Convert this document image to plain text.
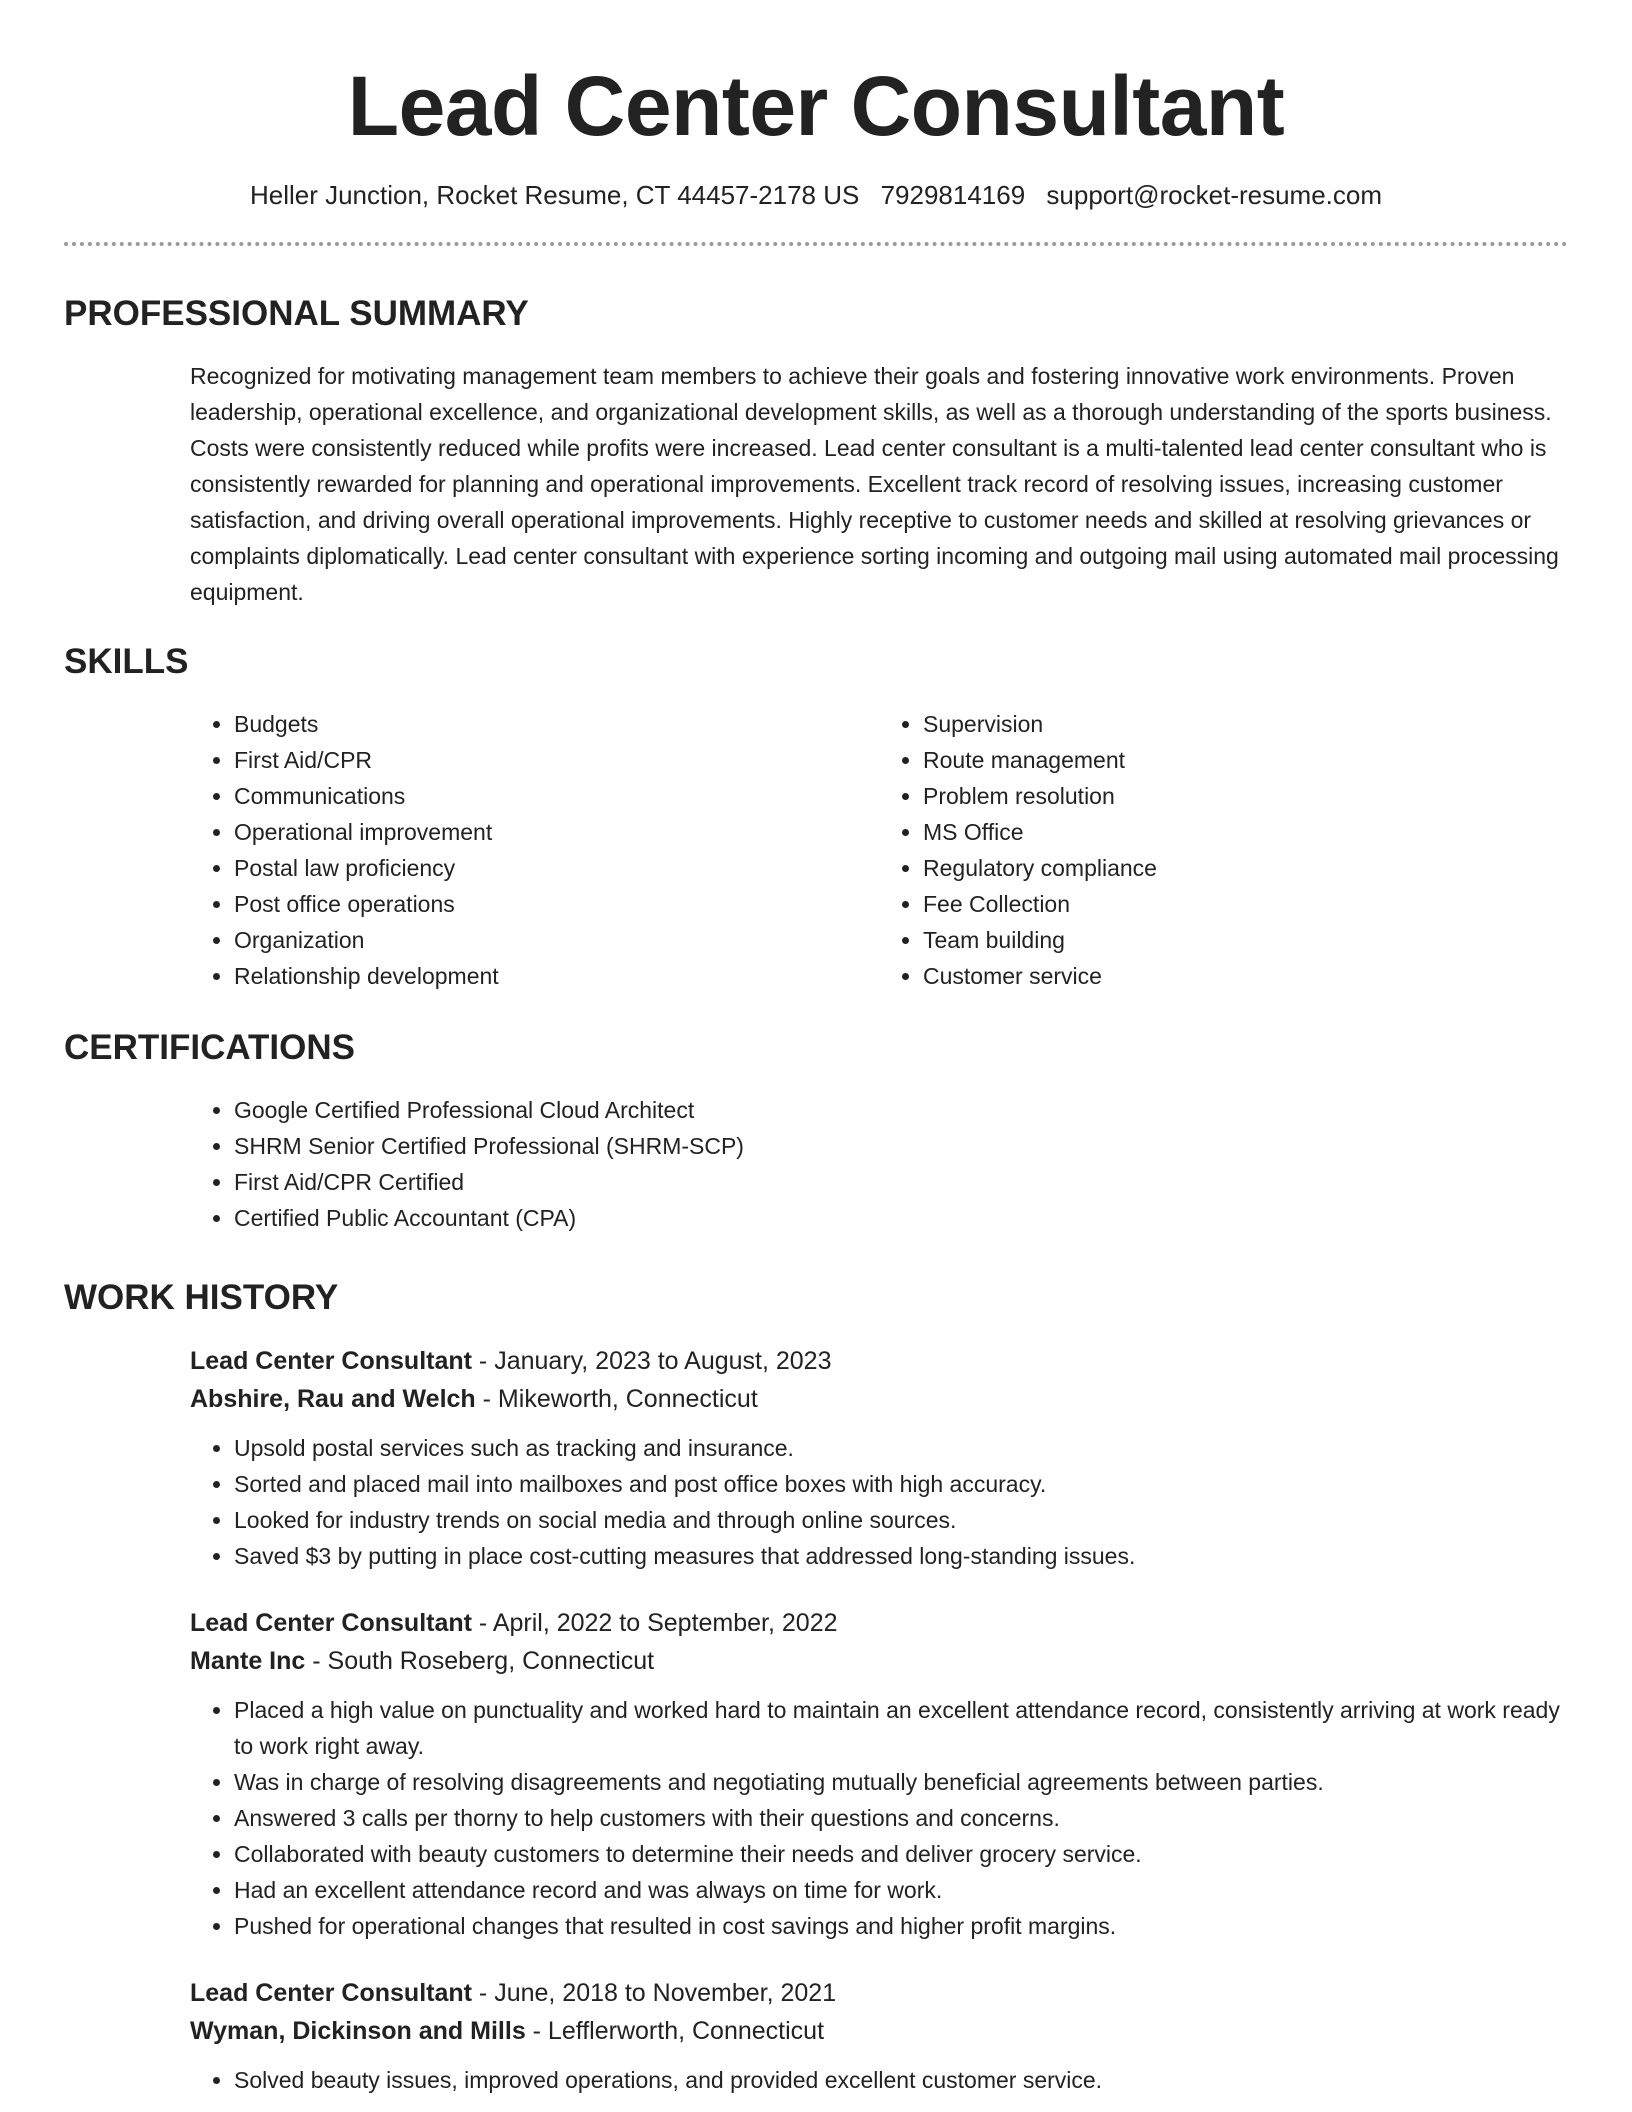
Lead Center Consultant
Heller Junction, Rocket Resume, CT 44457-2178 US 7929814169 support@rocket-resume.com
PROFESSIONAL SUMMARY

Recognized for motivating management team members to achieve their goals and fostering innovative work environments. Proven leadership, operational excellence, and organizational development skills, as well as a thorough understanding of the sports business. Costs were consistently reduced while profits were increased. Lead center consultant is a multi-talented lead center consultant who is consistently rewarded for planning and operational improvements. Excellent track record of resolving issues, increasing customer satisfaction, and driving overall operational improvements. Highly receptive to customer needs and skilled at resolving grievances or complaints diplomatically. Lead center consultant with experience sorting incoming and outgoing mail using automated mail processing equipment.

SKILLS
• Budgets
• First Aid/CPR
• Communications
• Operational improvement
• Postal law proficiency
• Post office operations
• Organization
• Relationship development
• Supervision
• Route management
• Problem resolution
• MS Office
• Regulatory compliance
• Fee Collection
• Team building
• Customer service
CERTIFICATIONS
• Google Certified Professional Cloud Architect
• SHRM Senior Certified Professional (SHRM-SCP)
• First Aid/CPR Certified
• Certified Public Accountant (CPA)
WORK HISTORY
Lead Center Consultant - January, 2023 to August, 2023
Abshire, Rau and Welch - Mikeworth, Connecticut
• Upsold postal services such as tracking and insurance.
• Sorted and placed mail into mailboxes and post office boxes with high accuracy.
• Looked for industry trends on social media and through online sources.
• Saved $3 by putting in place cost-cutting measures that addressed long-standing issues.
Lead Center Consultant - April, 2022 to September, 2022
Mante Inc - South Roseberg, Connecticut
• Placed a high value on punctuality and worked hard to maintain an excellent attendance record, consistently arriving at work ready to work right away.
• Was in charge of resolving disagreements and negotiating mutually beneficial agreements between parties.
• Answered 3 calls per thorny to help customers with their questions and concerns.
• Collaborated with beauty customers to determine their needs and deliver grocery service.
• Had an excellent attendance record and was always on time for work.
• Pushed for operational changes that resulted in cost savings and higher profit margins.
Lead Center Consultant - June, 2018 to November, 2021
Wyman, Dickinson and Mills - Lefflerworth, Connecticut
• Solved beauty issues, improved operations, and provided excellent customer service.
